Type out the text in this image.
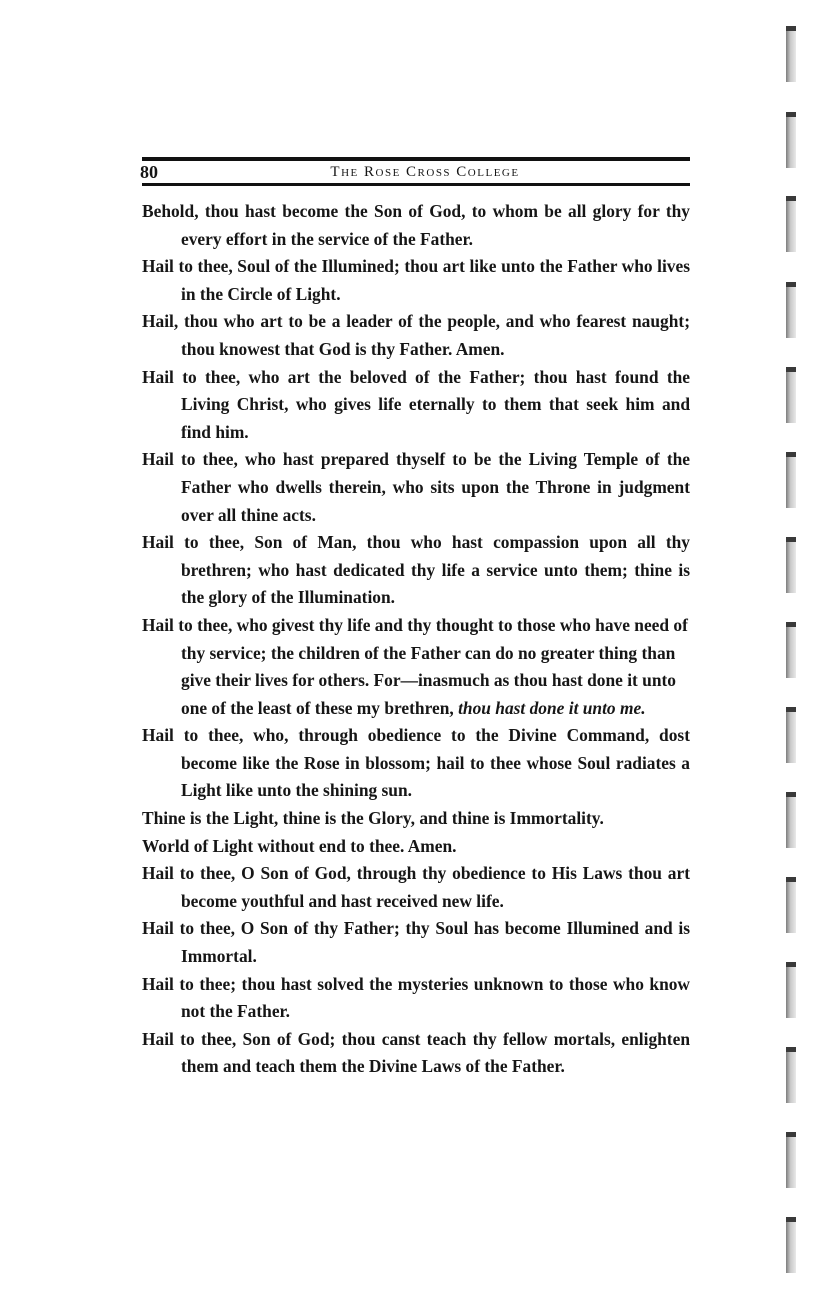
80	The Rose Cross College

Behold, thou hast become the Son of God, to whom be all glory for thy every effort in the service of the Father.

Hail to thee, Soul of the Illumined; thou art like unto the Father who lives in the Circle of Light.

Hail, thou who art to be a leader of the people, and who fearest naught; thou knowest that God is thy Father. Amen.

Hail to thee, who art the beloved of the Father; thou hast found the Living Christ, who gives life eternally to them that seek him and find him.

Hail to thee, who hast prepared thyself to be the Living Temple of the Father who dwells therein, who sits upon the Throne in judgment over all thine acts.

Hail to thee, Son of Man, thou who hast compassion upon all thy brethren; who hast dedicated thy life a service unto them; thine is the glory of the Illumination.

Hail to thee, who givest thy life and thy thought to those who have need of thy service; the children of the Father can do no greater thing than give their lives for others. For—inasmuch as thou hast done it unto one of the least of these my brethren, thou hast done it unto me.

Hail to thee, who, through obedience to the Divine Command, dost become like the Rose in blossom; hail to thee whose Soul radiates a Light like unto the shining sun.

Thine is the Light, thine is the Glory, and thine is Immortality.

World of Light without end to thee. Amen.

Hail to thee, O Son of God, through thy obedience to His Laws thou art become youthful and hast received new life.

Hail to thee, O Son of thy Father; thy Soul has become Illumined and is Immortal.

Hail to thee; thou hast solved the mysteries unknown to those who know not the Father.

Hail to thee, Son of God; thou canst teach thy fellow mortals, enlighten them and teach them the Divine Laws of the Father.
